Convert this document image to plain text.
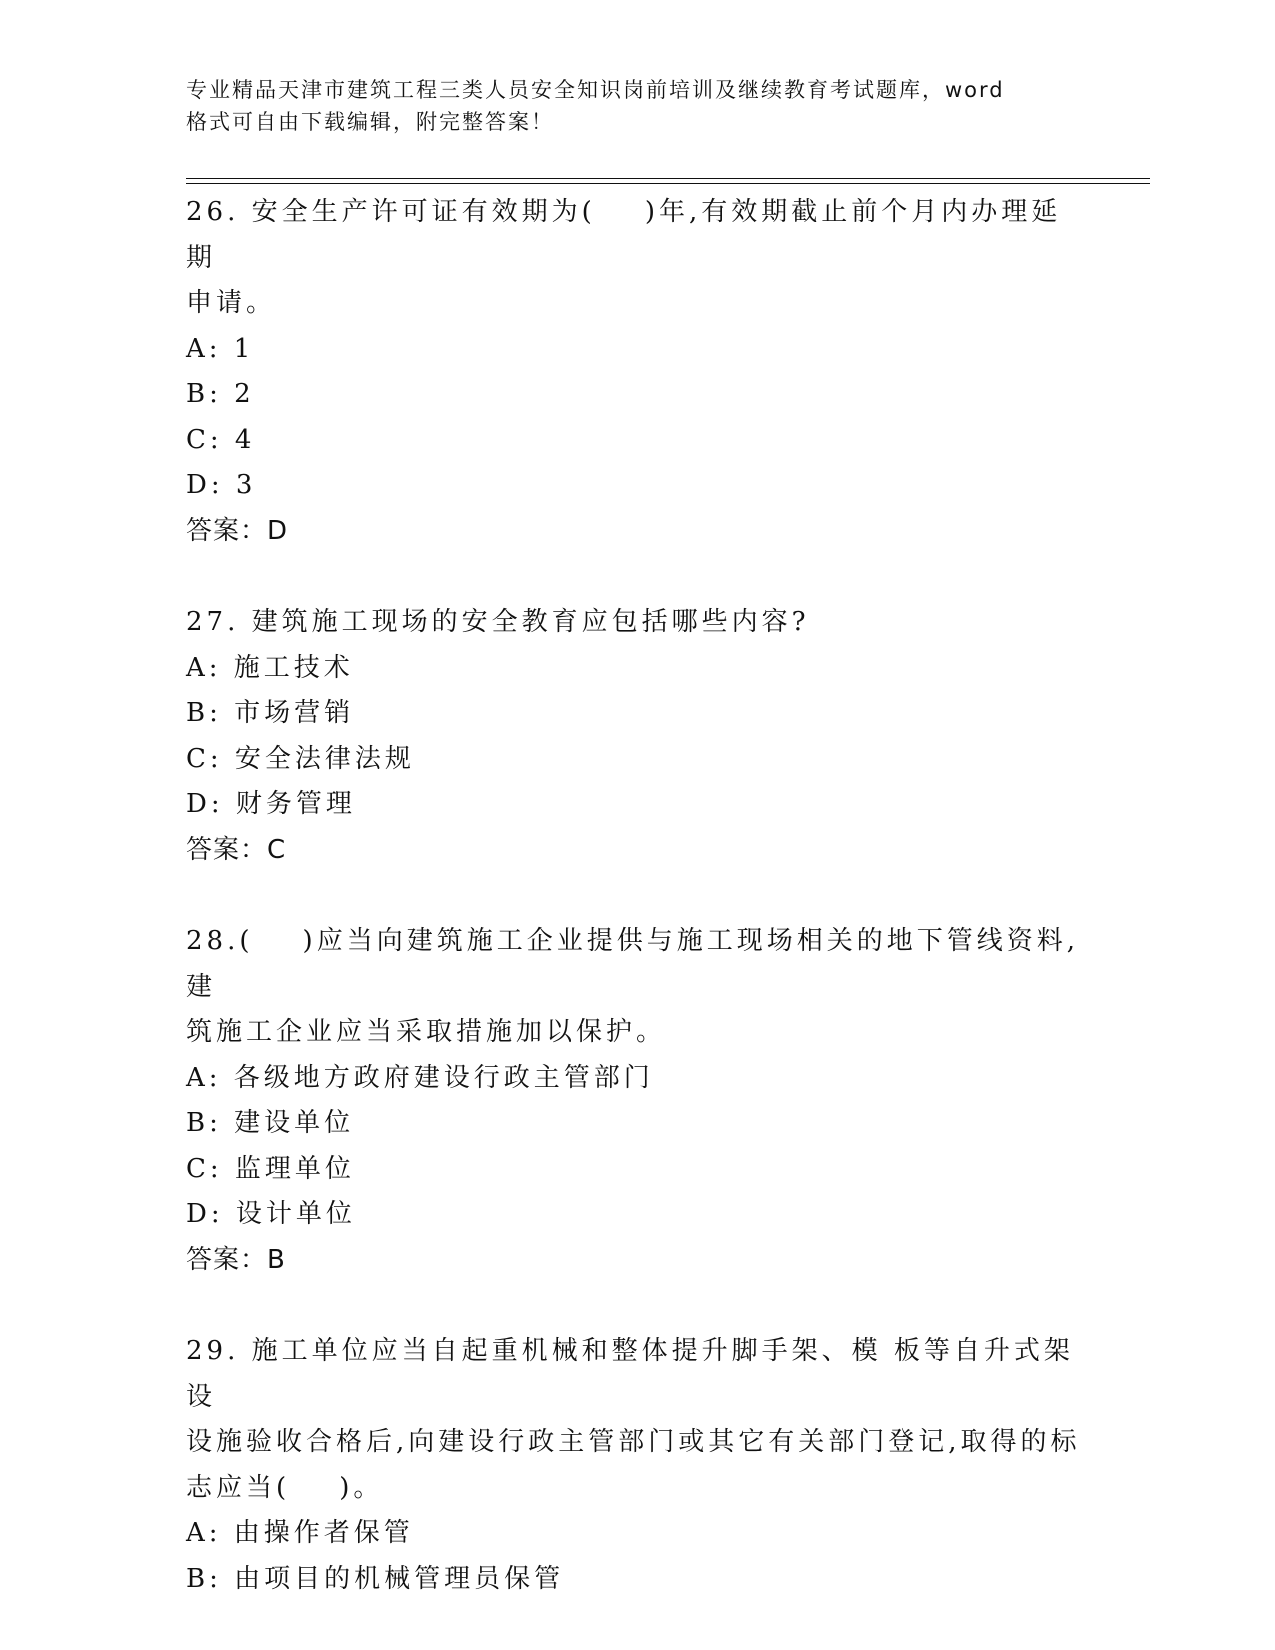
专业精品天津市建筑工程三类人员安全知识岗前培训及继续教育考试题库，word
格式可自由下载编辑，附完整答案！
26. 安全生产许可证有效期为(    )年,有效期截止前个月内办理延期
申请。
A: 1
B: 2
C: 4
D: 3
答案：D
27. 建筑施工现场的安全教育应包括哪些内容?
A: 施工技术
B: 市场营销
C: 安全法律法规
D: 财务管理
答案：C
28.(    )应当向建筑施工企业提供与施工现场相关的地下管线资料,建
筑施工企业应当采取措施加以保护。
A: 各级地方政府建设行政主管部门
B: 建设单位
C: 监理单位
D: 设计单位
答案：B
29. 施工单位应当自起重机械和整体提升脚手架、模 板等自升式架设
设施验收合格后,向建设行政主管部门或其它有关部门登记,取得的标
志应当(    )。
A: 由操作者保管
B: 由项目的机械管理员保管
